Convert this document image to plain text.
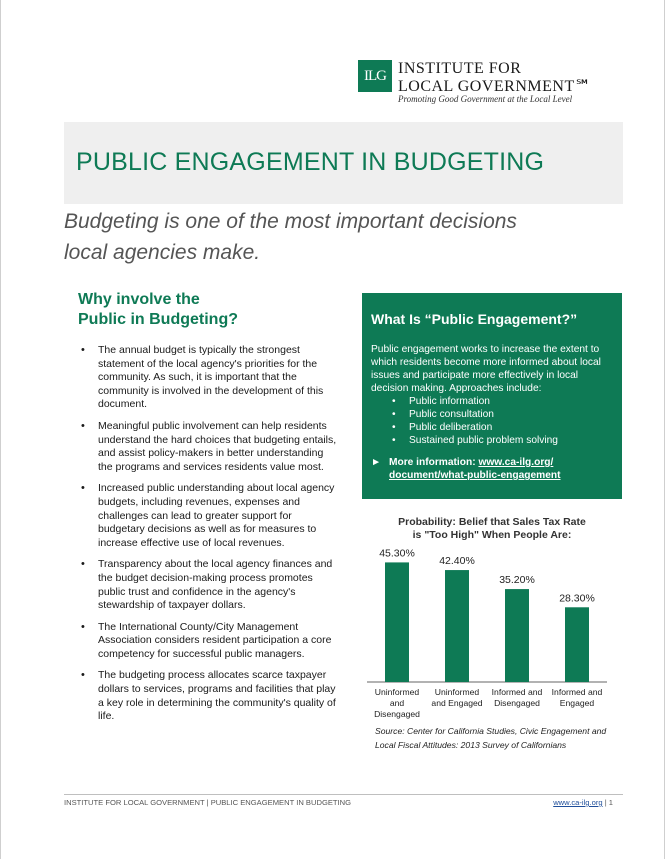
ILG INSTITUTE FOR
LOCAL GOVERNMENT℠
Promoting Good Government at the Local Level
PUBLIC ENGAGEMENT IN BUDGETING
Budgeting is one of the most important decisions
local agencies make.
Why involve the
Public in Budgeting?
• The annual budget is typically the strongest statement of the local agency's priorities for the community. As such, it is important that the community is involved in the development of this document.
• Meaningful public involvement can help residents understand the hard choices that budgeting entails, and assist policy-makers in better understanding the programs and services residents value most.
• Increased public understanding about local agency budgets, including revenues, expenses and challenges can lead to greater support for budgetary decisions as well as for measures to increase effective use of local revenues.
• Transparency about the local agency finances and the budget decision-making process promotes public trust and confidence in the agency's stewardship of taxpayer dollars.
• The International County/City Management Association considers resident participation a core competency for successful public managers.
• The budgeting process allocates scarce taxpayer dollars to services, programs and facilities that play a key role in determining the community's quality of life.
What Is “Public Engagement?”
Public engagement works to increase the extent to which residents become more informed about local issues and participate more effectively in local decision making. Approaches include:
• Public information
• Public consultation
• Public deliberation
• Sustained public problem solving
► More information: www.ca-ilg.org/
document/what-public-engagement
Probability: Belief that Sales Tax Rate
is "Too High" When People Are:
45.30%
Uninformed
and
Disengaged
42.40%
Uninformed
and Engaged
35.20%
Informed and
Disengaged
28.30%
Informed and
Engaged
Source: Center for California Studies, Civic Engagement and Local Fiscal Attitudes: 2013 Survey of Californians
INSTITUTE FOR LOCAL GOVERNMENT | PUBLIC ENGAGEMENT IN BUDGETING	www.ca-ilg.org | 1
